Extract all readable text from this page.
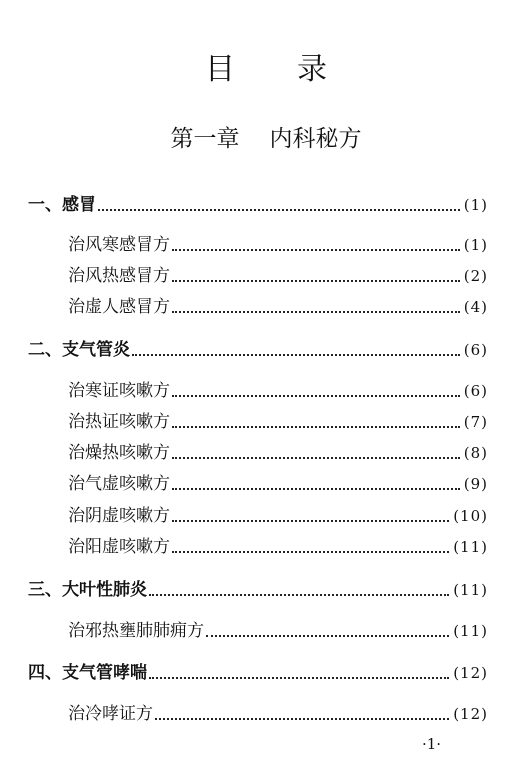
目 录
第一章 内科秘方
一、 感冒	(1)
治风寒感冒方	(1)
治风热感冒方	(2)
治虚人感冒方	(4)
二、 支气管炎	(6)
治寒证咳嗽方	(6)
治热证咳嗽方	(7)
治燥热咳嗽方	(8)
治气虚咳嗽方	(9)
治阴虚咳嗽方	(10)
治阳虚咳嗽方	(11)
三、 大叶性肺炎	(11)
治邪热壅肺肺痈方	(11)
四、 支气管哮喘	(12)
治冷哮证方	(12)
·1·
